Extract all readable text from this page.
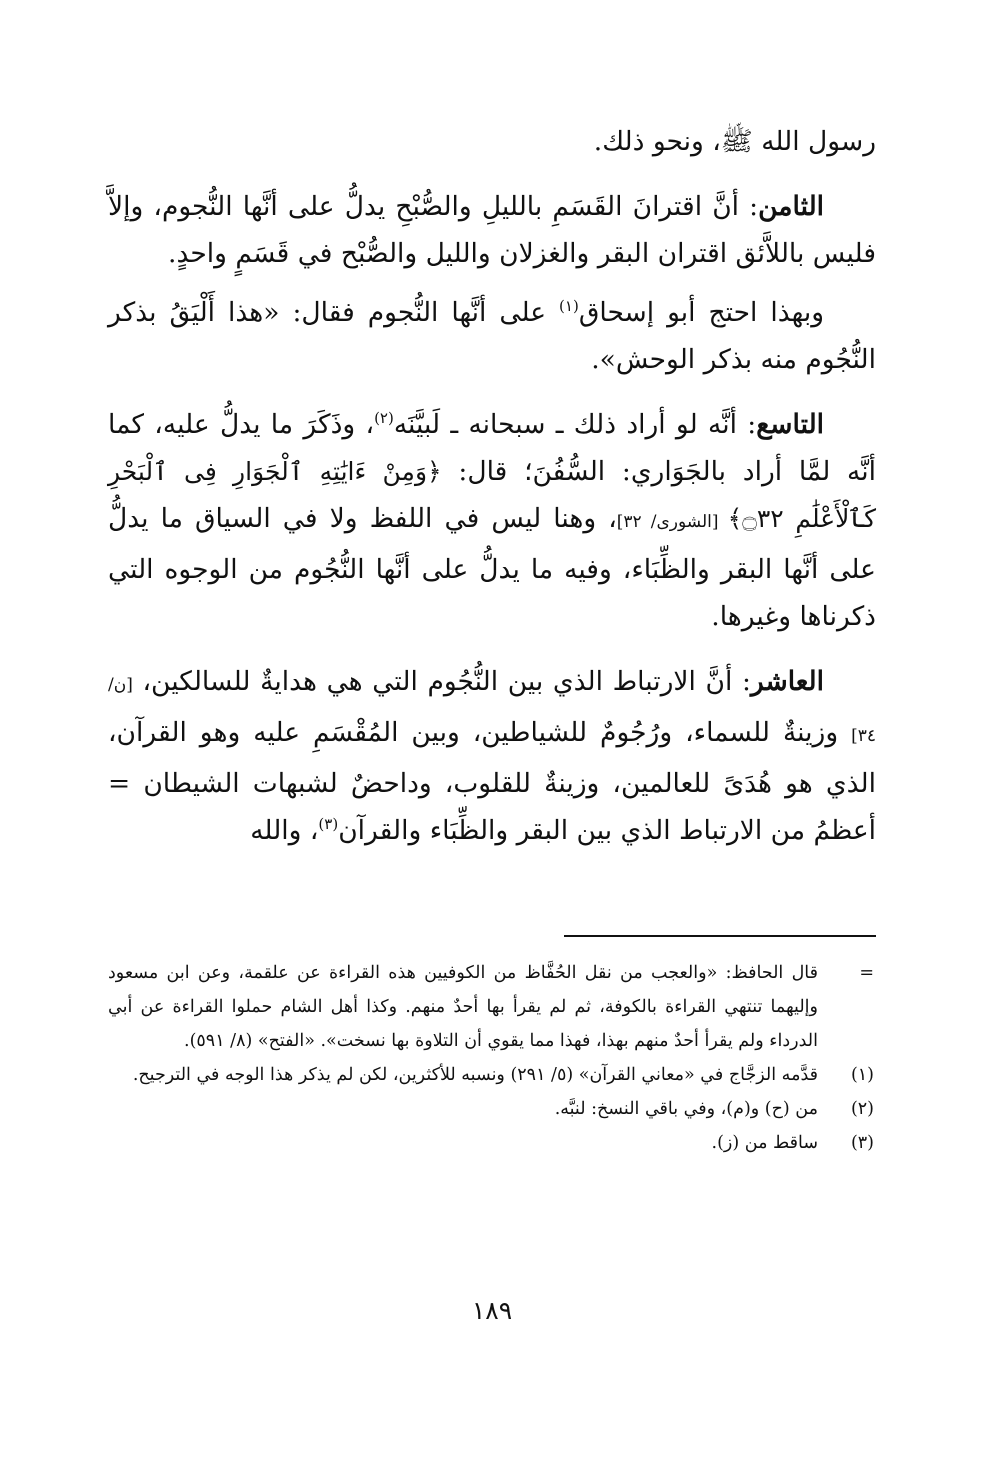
رسول الله ﷺ، ونحو ذلك.

الثامن: أنَّ اقترانَ القَسَمِ بالليلِ والصُّبْحِ يدلُّ على أنَّها النُّجوم، وإلاَّ فليس باللاَّئق اقتران البقر والغزلان والليل والصُّبْح في قَسَمٍ واحدٍ.

وبهذا احتج أبو إسحاق$^{(١)}$ على أنَّها النُّجوم فقال: «هذا أَلْيَقُ بذكر النُّجُوم منه بذكر الوحش».

التاسع: أنَّه لو أراد ذلك ـ سبحانه ـ لَبيَّنَه$^{(٢)}$، وذَكَرَ ما يدلُّ عليه، كما أنَّه لمَّا أراد بالجَوَاري: السُّفُنَ؛ قال: ﴿وَمِنْ ءَايَٰتِهِ ٱلْجَوَارِ فِى ٱلْبَحْرِ كَٱلْأَعْلَٰمِ ۝٣٢﴾ [الشورى/ ٣٢]، وهنا ليس في اللفظ ولا في السياق ما يدلُّ على أنَّها البقر والظِّبَاء، وفيه ما يدلُّ على أنَّها النُّجُوم من الوجوه التي ذكرناها وغيرها.

العاشر: أنَّ الارتباط الذي بين النُّجُوم التي هي هدايةٌ للسالكين، [ن/ ٣٤] وزينةٌ للسماء، ورُجُومٌ للشياطين، وبين المُقْسَمِ عليه وهو القرآن، الذي هو هُدَىً للعالمين، وزينةٌ للقلوب، وداحضٌ لشبهات الشيطان = أعظمُ من الارتباط الذي بين البقر والظِّبَاء والقرآن$^{(٣)}$، والله

=
قال الحافظ: «والعجب من نقل الحُفَّاظ من الكوفيين هذه القراءة عن علقمة، وعن ابن مسعود وإليهما تنتهي القراءة بالكوفة، ثم لم يقرأ بها أحدٌ منهم. وكذا أهل الشام حملوا القراءة عن أبي الدرداء ولم يقرأ أحدٌ منهم بهذا، فهذا مما يقوي أن التلاوة بها نسخت». «الفتح» (٨/ ٥٩١).

(١)
قدَّمه الزجَّاج في «معاني القرآن» (٥/ ٢٩١) ونسبه للأكثرين، لكن لم يذكر هذا الوجه في الترجيح.

(٢)
من (ح) و(م)، وفي باقي النسخ: لنبَّه.

(٣)
ساقط من (ز).

١٨٩
